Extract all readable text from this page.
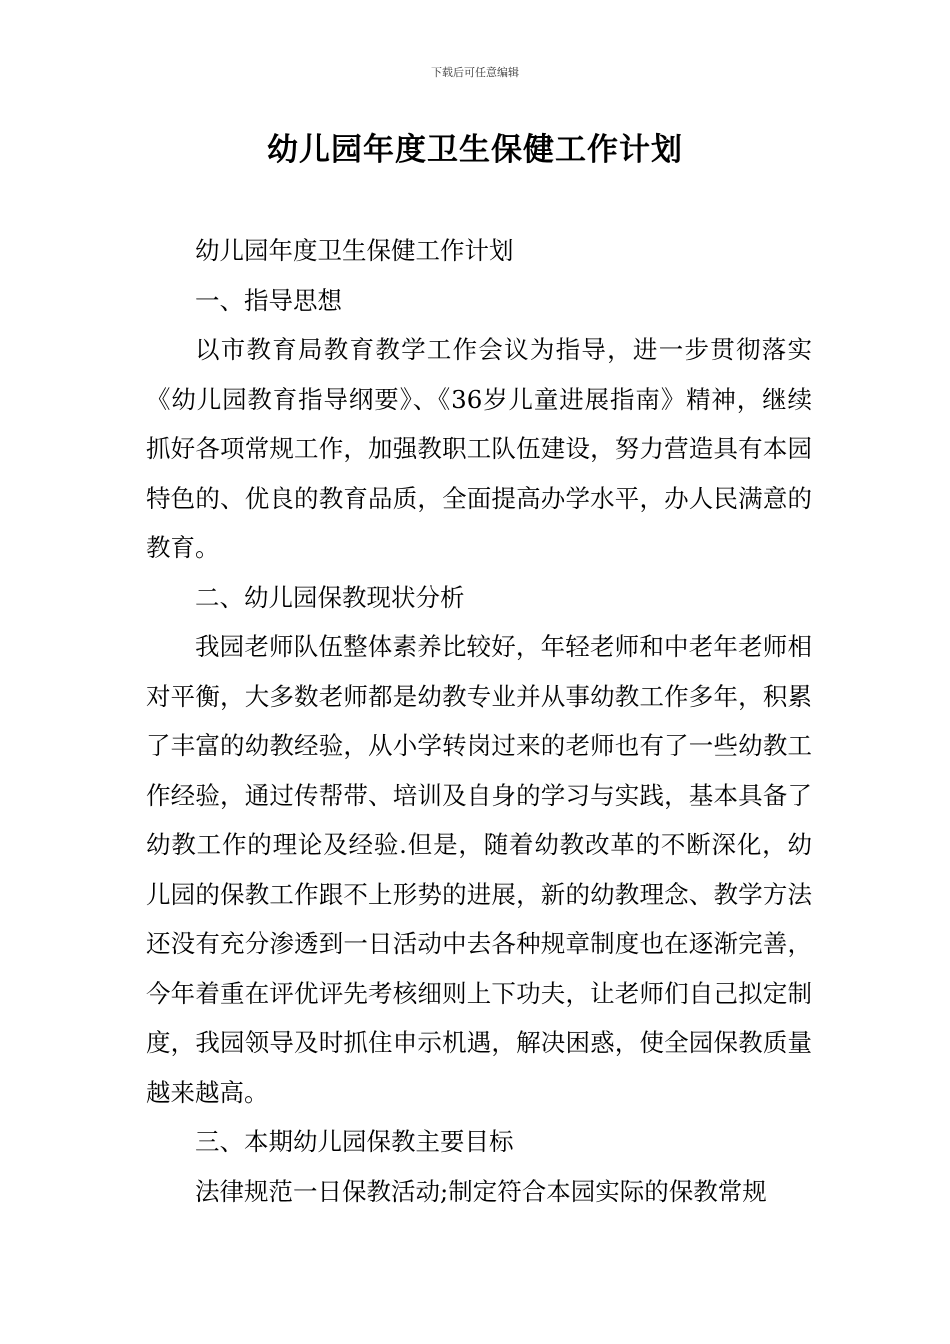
下载后可任意编辑
幼儿园年度卫生保健工作计划

幼儿园年度卫生保健工作计划

一、指导思想

以市教育局教育教学工作会议为指导，进一步贯彻落实《幼儿园教育指导纲要》、《36岁儿童进展指南》精神，继续抓好各项常规工作，加强教职工队伍建设，努力营造具有本园特色的、优良的教育品质，全面提高办学水平，办人民满意的教育。

二、幼儿园保教现状分析

我园老师队伍整体素养比较好，年轻老师和中老年老师相对平衡，大多数老师都是幼教专业并从事幼教工作多年，积累了丰富的幼教经验，从小学转岗过来的老师也有了一些幼教工作经验，通过传帮带、培训及自身的学习与实践，基本具备了幼教工作的理论及经验.但是，随着幼教改革的不断深化，幼儿园的保教工作跟不上形势的进展，新的幼教理念、教学方法还没有充分渗透到一日活动中去各种规章制度也在逐渐完善，今年着重在评优评先考核细则上下功夫，让老师们自己拟定制度，我园领导及时抓住申示机遇，解决困惑，使全园保教质量越来越高。

三、本期幼儿园保教主要目标

法律规范一日保教活动;制定符合本园实际的保教常规
